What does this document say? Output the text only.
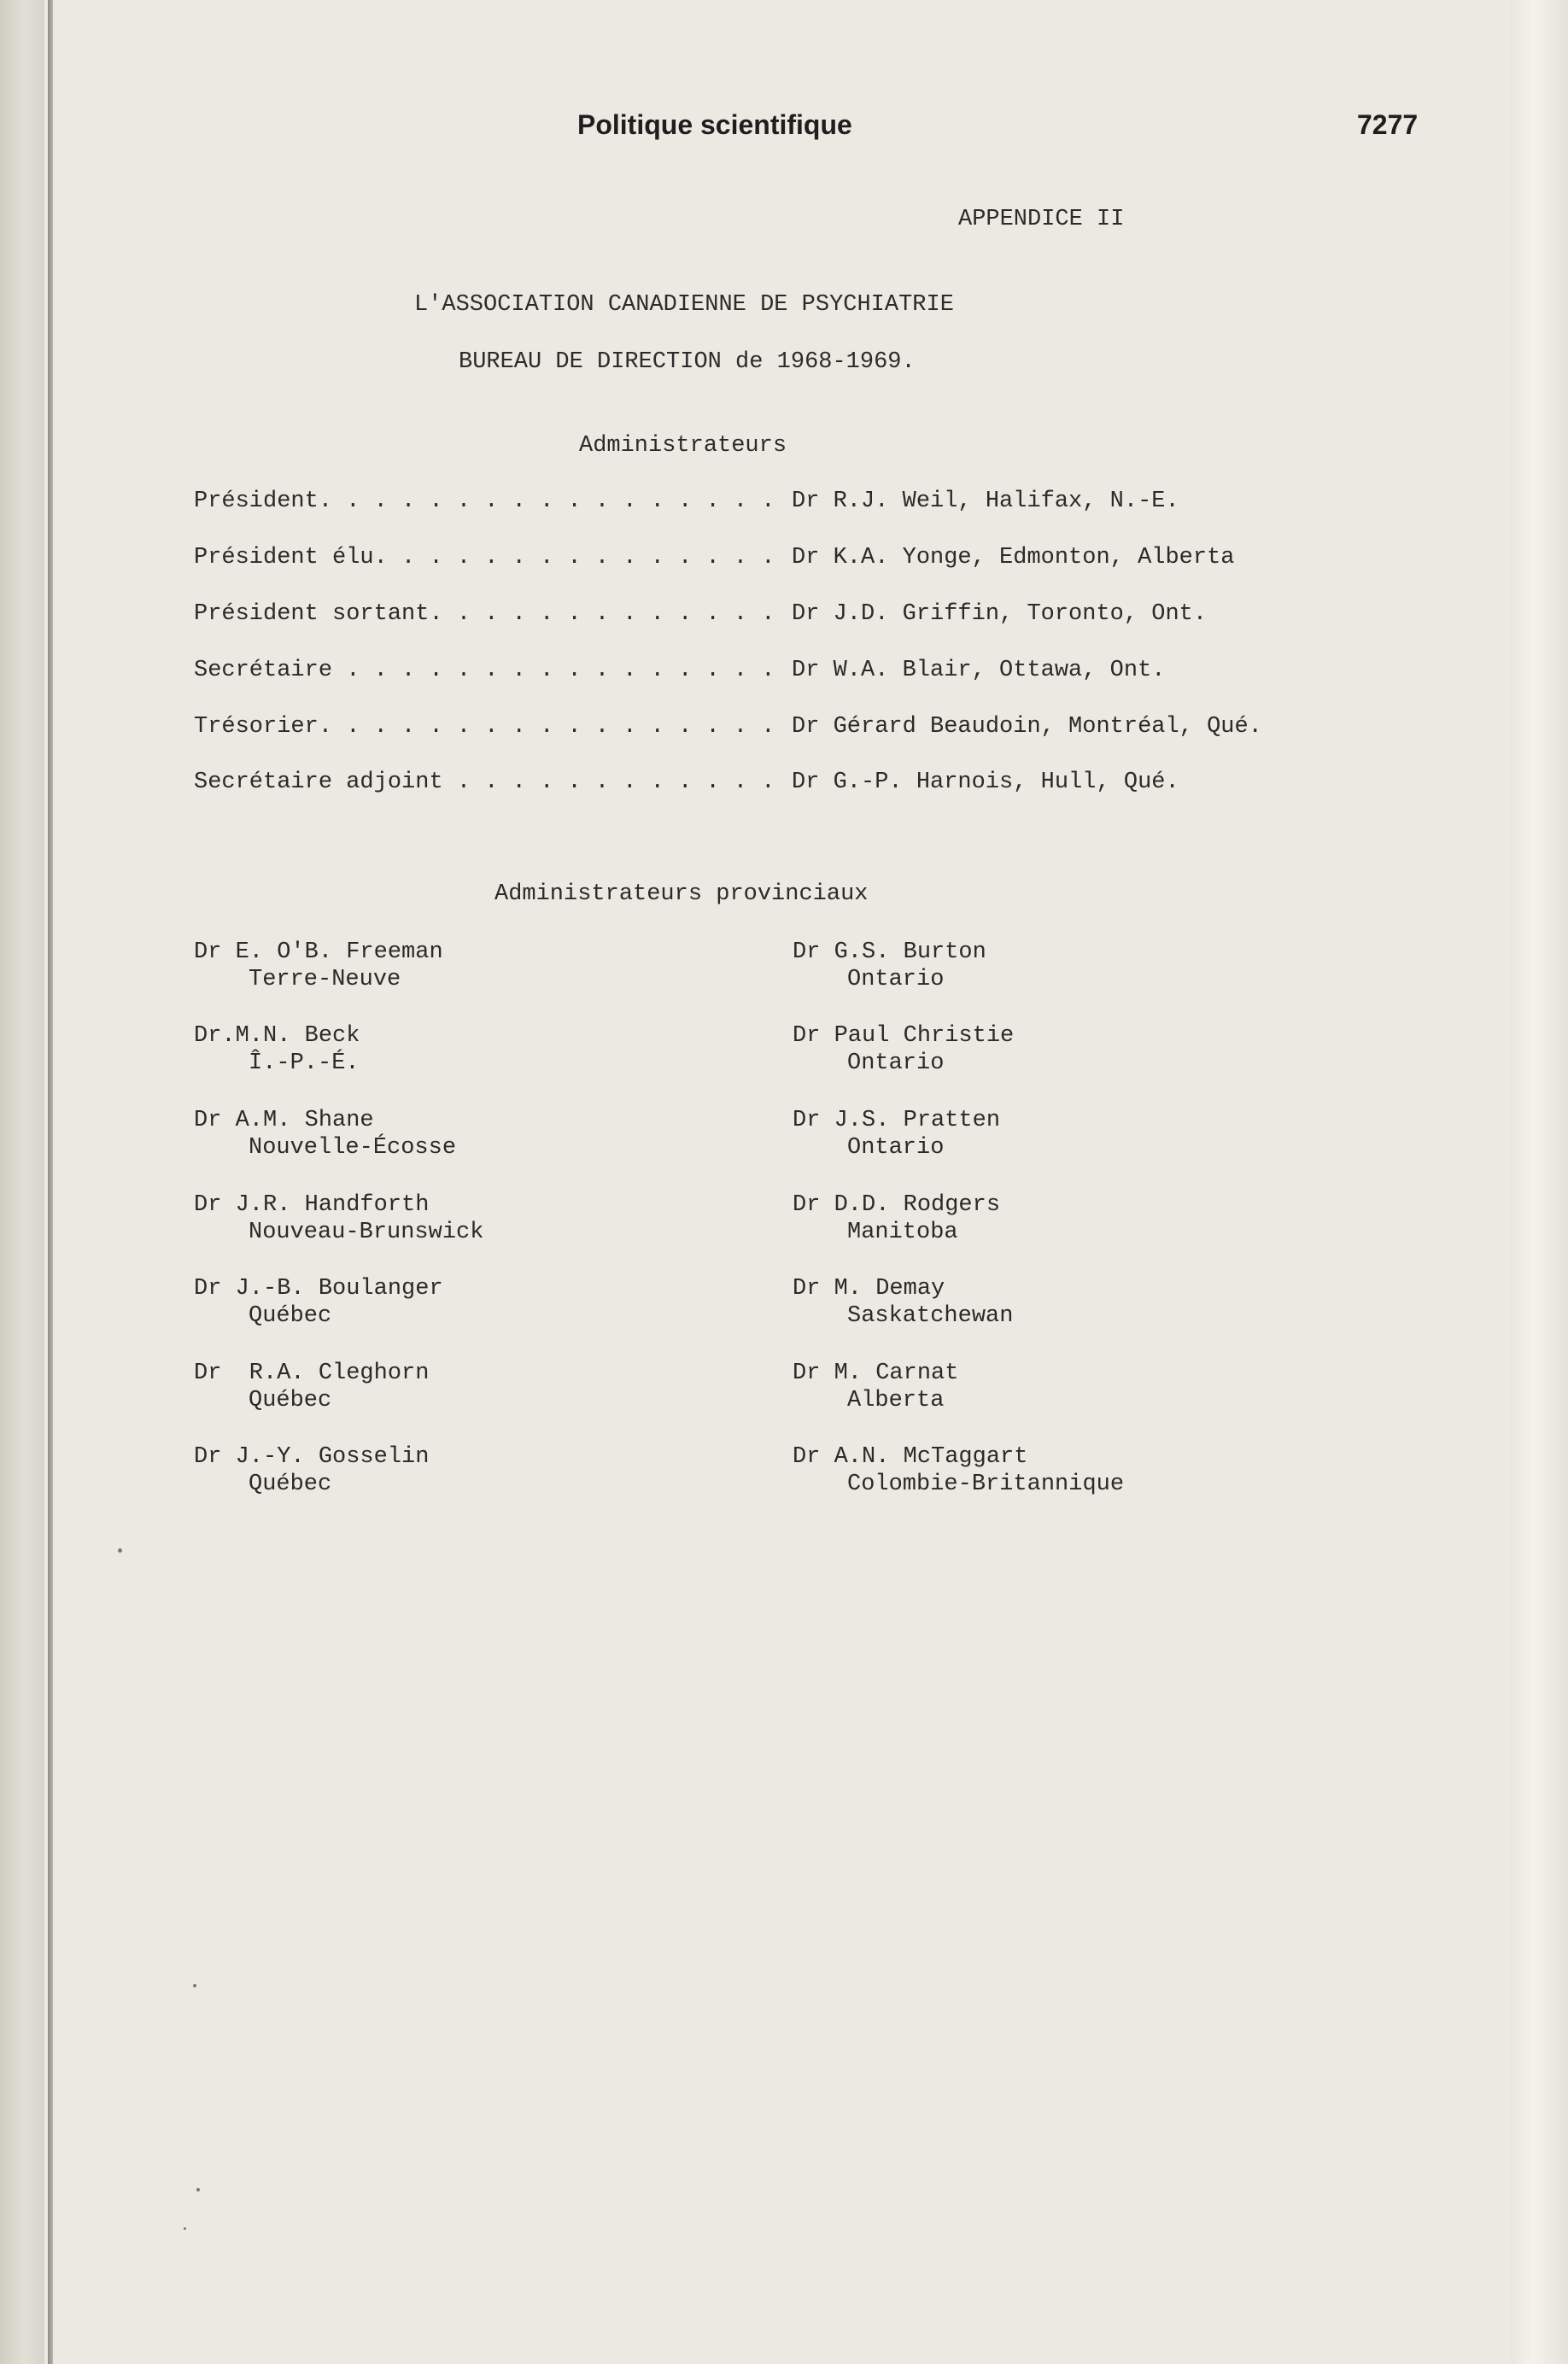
Politique scientifique	7277
APPENDICE II
L'ASSOCIATION CANADIENNE DE PSYCHIATRIE
BUREAU DE DIRECTION de 1968-1969.
Administrateurs
Président. . . . . . . . . . . . . . . . . Dr R.J. Weil, Halifax, N.-E.
Président élu. . . . . . . . . . . . . . . Dr K.A. Yonge, Edmonton, Alberta
Président sortant. . . . . . . . . . . . . Dr J.D. Griffin, Toronto, Ont.
Secrétaire . . . . . . . . . . . . . . . . Dr W.A. Blair, Ottawa, Ont.
Trésorier. . . . . . . . . . . . . . . . . Dr Gérard Beaudoin, Montréal, Qué.
Secrétaire adjoint . . . . . . . . . . . . Dr G.-P. Harnois, Hull, Qué.
Administrateurs provinciaux
Dr E. O'B. Freeman
Terre-Neuve
Dr.M.N. Beck
Î.-P.-É.
Dr A.M. Shane
Nouvelle-Écosse
Dr J.R. Handforth
Nouveau-Brunswick
Dr J.-B. Boulanger
Québec
Dr  R.A. Cleghorn
Québec
Dr J.-Y. Gosselin
Québec
Dr G.S. Burton
Ontario
Dr Paul Christie
Ontario
Dr J.S. Pratten
Ontario
Dr D.D. Rodgers
Manitoba
Dr M. Demay
Saskatchewan
Dr M. Carnat
Alberta
Dr A.N. McTaggart
Colombie-Britannique
